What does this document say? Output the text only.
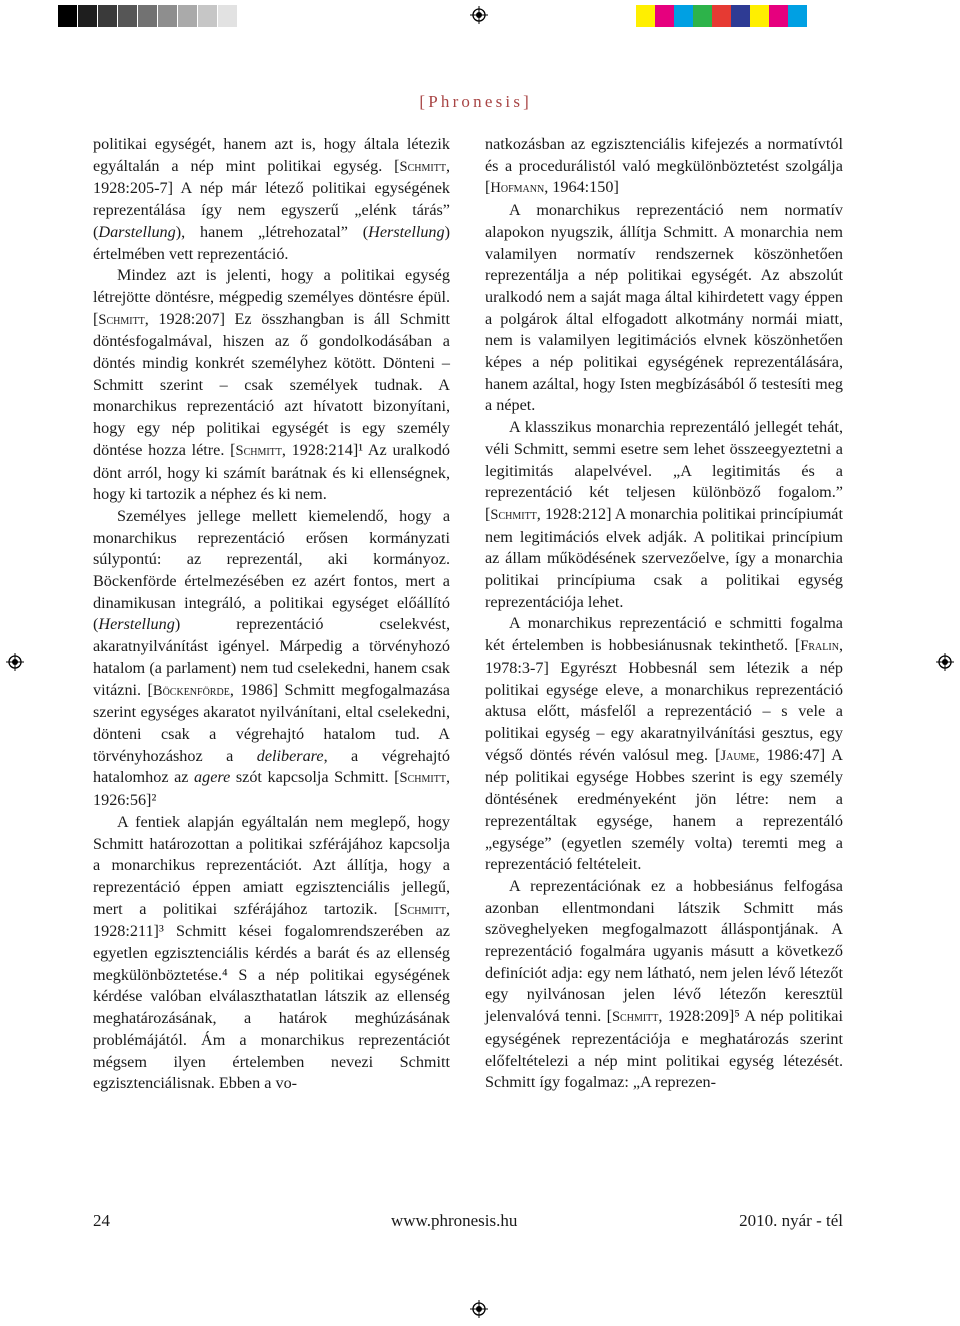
[Phronesis]

politikai egységét, hanem azt is, hogy általa létezik egyáltalán a nép mint politikai egység. [Schmitt, 1928:205-7] A nép már létező politikai egységének reprezentálása így nem egyszerű „elénk tárás” (Darstellung), hanem „létrehozatal” (Herstellung) értelmében vett reprezentáció.

Mindez azt is jelenti, hogy a politikai egység létrejötte döntésre, mégpedig személyes döntésre épül. [Schmitt, 1928:207] Ez összhangban is áll Schmitt döntésfogalmával, hiszen az ő gondolkodásában a döntés mindig konkrét személyhez kötött. Dönteni – Schmitt szerint – csak személyek tudnak. A monarchikus reprezentáció azt hívatott bizonyítani, hogy egy nép politikai egységét is egy személy döntése hozza létre. [Schmitt, 1928:214]¹ Az uralkodó dönt arról, hogy ki számít barátnak és ki ellenségnek, hogy ki tartozik a néphez és ki nem.

Személyes jellege mellett kiemelendő, hogy a monarchikus reprezentáció erősen kormányzati súlypontú: az reprezentál, aki kormányoz. Böckenförde értelmezésében ez azért fontos, mert a dinamikusan integráló, a politikai egységet előállító (Herstellung) reprezentáció cselekvést, akaratnyilvánítást igényel. Márpedig a törvényhozó hatalom (a parlament) nem tud cselekedni, hanem csak vitázni. [Böckenförde, 1986] Schmitt megfogalmazása szerint egységes akaratot nyilvánítani, eltal cselekedni, dönteni csak a végrehajtó hatalom tud. A törvényhozáshoz a deliberare, a végrehajtó hatalomhoz az agere szót kapcsolja Schmitt. [Schmitt, 1926:56]²

A fentiek alapján egyáltalán nem meglepő, hogy Schmitt határozottan a politikai szférájához kapcsolja a monarchikus reprezentációt. Azt állítja, hogy a reprezentáció éppen amiatt egzisztenciális jellegű, mert a politikai szférájához tartozik. [Schmitt, 1928:211]³ Schmitt kései fogalomrendszerében az egyetlen egzisztenciális kérdés a barát és az ellenség megkülönböztetése.⁴ S a nép politikai egységének kérdése valóban elválaszthatatlan látszik az ellenség meghatározásának, a határok meghúzásának problémájától. Ám a monarchikus reprezentációt mégsem ilyen értelemben nevezi Schmitt egzisztenciálisnak. Ebben a vo-

natkozásban az egzisztenciális kifejezés a normatívtól és a procedurálistól való megkülönböztetést szolgálja [Hofmann, 1964:150]

A monarchikus reprezentáció nem normatív alapokon nyugszik, állítja Schmitt. A monarchia nem valamilyen normatív rendszernek köszönhetően reprezentálja a nép politikai egységét. Az abszolút uralkodó nem a saját maga által kihirdetett vagy éppen a polgárok által elfogadott alkotmány normái miatt, nem is valamilyen legitimációs elvnek köszönhetően képes a nép politikai egységének reprezentálására, hanem azáltal, hogy Isten megbízásából ő testesíti meg a népet.

A klasszikus monarchia reprezentáló jellegét tehát, véli Schmitt, semmi esetre sem lehet összeegyeztetni a legitimitás alapelvével. „A legitimitás és a reprezentáció két teljesen különböző fogalom.” [Schmitt, 1928:212] A monarchia politikai princípiumát nem legitimációs elvek adják. A politikai princípium az állam működésének szervezőelve, így a monarchia politikai princípiuma csak a politikai egység reprezentációja lehet.

A monarchikus reprezentáció e schmitti fogalma két értelemben is hobbesiánusnak tekinthető. [Fralin, 1978:3-7] Egyrészt Hobbesnál sem létezik a nép politikai egysége eleve, a monarchikus reprezentáció aktusa előtt, másfelől a reprezentáció – s vele a politikai egység – egy akaratnyilvánítási gesztus, egy végső döntés révén valósul meg. [Jaume, 1986:47] A nép politikai egysége Hobbes szerint is egy személy döntésének eredményeként jön létre: nem a reprezentáltak egysége, hanem a reprezentáló „egysége” (egyetlen személy volta) teremti meg a reprezentáció feltételeit.

A reprezentációnak ez a hobbesiánus felfogása azonban ellentmondani látszik Schmitt más szöveghelyeken megfogalmazott álláspontjának. A reprezentáció fogalmára ugyanis másutt a következő definíciót adja: egy nem látható, nem jelen lévő létezőt egy nyilvánosan jelen lévő létezőn keresztül jelenvalóvá tenni. [Schmitt, 1928:209]⁵ A nép politikai egységének reprezentációja e meghatározás szerint előfeltételezi a nép mint politikai egység létezését. Schmitt így fogalmaz: „A reprezen-

24	www.phronesis.hu	2010. nyár - tél
